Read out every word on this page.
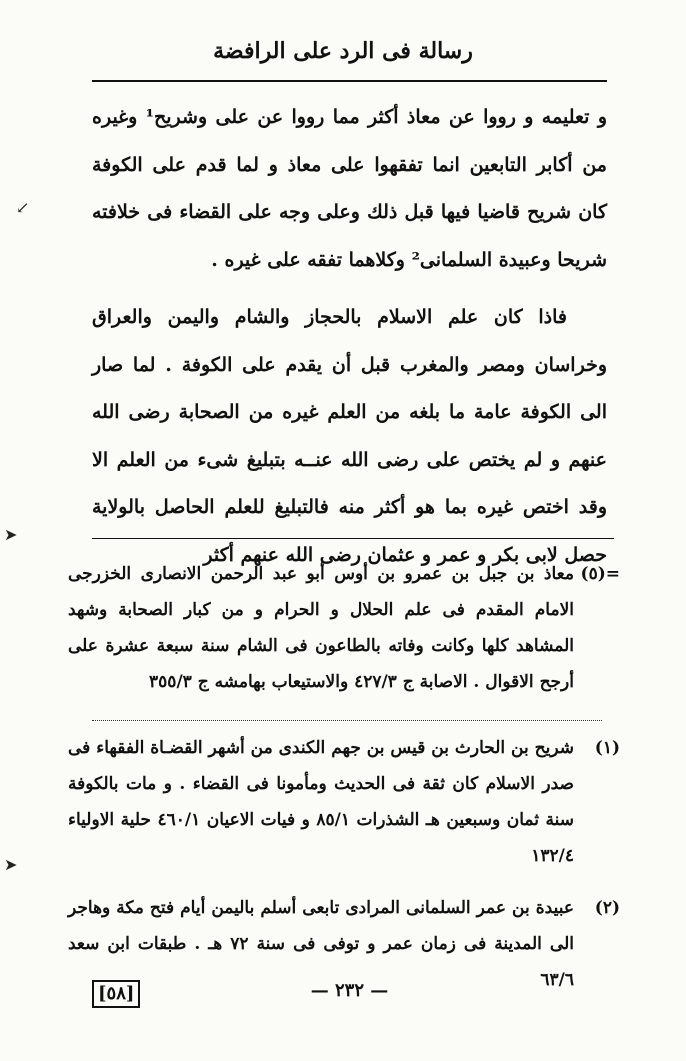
رسالة فى الرد على الرافضة

و تعليمه و رووا عن معاذ أكثر مما رووا عن على وشريح¹ وغيره من أكابر التابعين انما تفقهوا على معاذ و لما قدم على الكوفة كان شريح قاضيا فيها قبل ذلك وعلى وجه على القضاء فى خلافته شريحا وعبيدة السلمانى² وكلاهما تفقه على غيره .

فاذا كان علم الاسلام بالحجاز والشام واليمن والعراق وخراسان ومصر والمغرب قبل أن يقدم على الكوفة . لما صار الى الكوفة عامة ما بلغه من العلم غيره من الصحابة رضى الله عنهم و لم يختص على رضى الله عنــه بتبليغ شىء من العلم الا وقد اختص غيره بما هو أكثر منه فالتبليغ للعلم الحاصل بالولاية حصل لابى بكر و عمر و عثمان رضى الله عنهم أكثر

=(٥)
معاذ بن جبل بن عمرو بن أوس أبو عبد الرحمن الانصارى الخزرجى الامام المقدم فى علم الحلال و الحرام و من كبار الصحابة وشهد المشاهد كلها وكانت وفاته بالطاعون فى الشام سنة سبعة عشرة على أرجح الاقوال . الاصابة ج ٤٢٧/٣ والاستيعاب بهامشه ج ٣٥٥/٣
(١)
شريح بن الحارث بن قيس بن جهم الكندى من أشهر القضـاة الفقهاء فى صدر الاسلام كان ثقة فى الحديث ومأمونا فى القضاء . و مات بالكوفة سنة ثمان وسبعين هـ الشذرات ٨٥/١ و فيات الاعيان ٤٦٠/١ حلية الاولياء ١٣٢/٤
(٢)
عبيدة بن عمر السلمانى المرادى تابعى أسلم باليمن أيام فتح مكة وهاجر الى المدينة فى زمان عمر و توفى فى سنة ٧٢ هـ . طبقات ابن سعد ٦٣/٦
— ٢٣٢ —
[٥٨]
↙
➤
➤
